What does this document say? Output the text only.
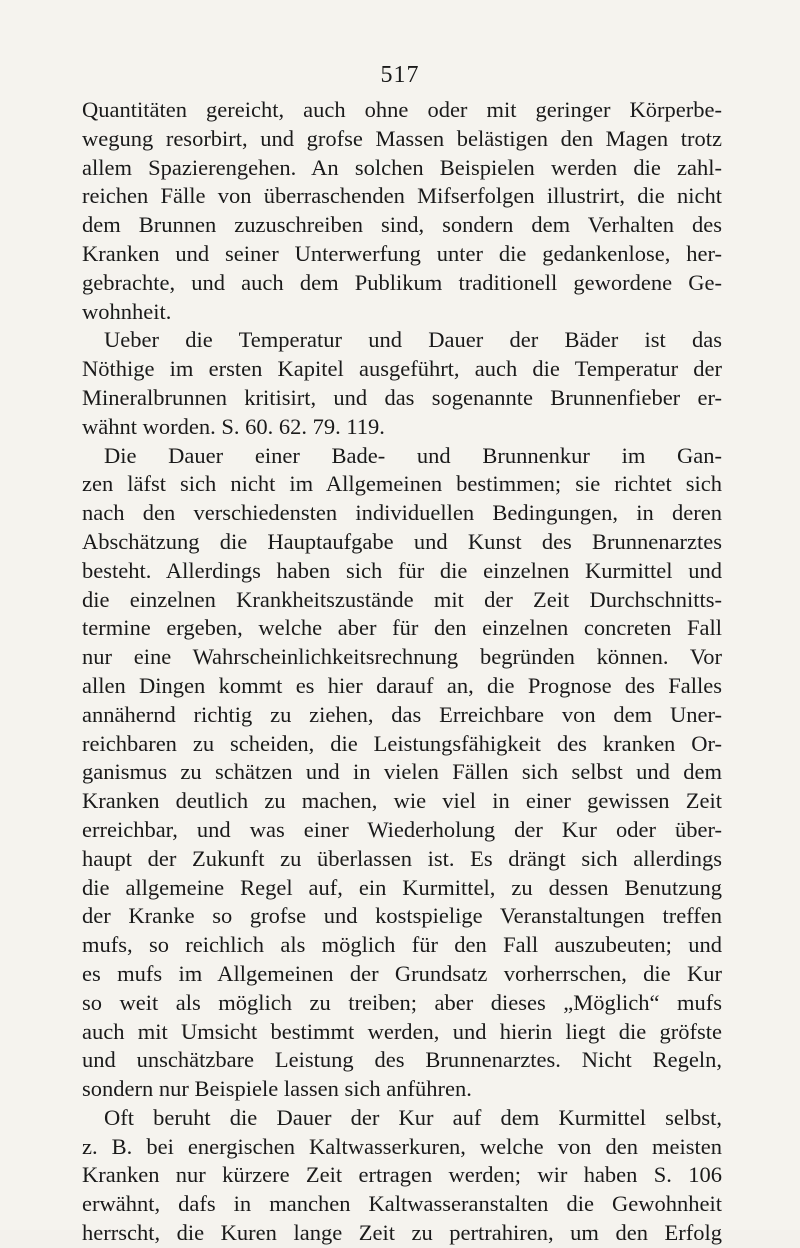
517
Quantitäten gereicht, auch ohne oder mit geringer Körperbe-
wegung resorbirt, und grofse Massen belästigen den Magen trotz
allem Spazierengehen. An solchen Beispielen werden die zahl-
reichen Fälle von überraschenden Mifserfolgen illustrirt, die nicht
dem Brunnen zuzuschreiben sind, sondern dem Verhalten des
Kranken und seiner Unterwerfung unter die gedankenlose, her-
gebrachte, und auch dem Publikum traditionell gewordene Ge-
wohnheit.
Ueber die Temperatur und Dauer der Bäder ist das
Nöthige im ersten Kapitel ausgeführt, auch die Temperatur der
Mineralbrunnen kritisirt, und das sogenannte Brunnenfieber er-
wähnt worden. S. 60. 62. 79. 119.
Die Dauer einer Bade- und Brunnenkur im Gan-
zen läfst sich nicht im Allgemeinen bestimmen; sie richtet sich
nach den verschiedensten individuellen Bedingungen, in deren
Abschätzung die Hauptaufgabe und Kunst des Brunnenarztes
besteht. Allerdings haben sich für die einzelnen Kurmittel und
die einzelnen Krankheitszustände mit der Zeit Durchschnitts-
termine ergeben, welche aber für den einzelnen concreten Fall
nur eine Wahrscheinlichkeitsrechnung begründen können. Vor
allen Dingen kommt es hier darauf an, die Prognose des Falles
annähernd richtig zu ziehen, das Erreichbare von dem Uner-
reichbaren zu scheiden, die Leistungsfähigkeit des kranken Or-
ganismus zu schätzen und in vielen Fällen sich selbst und dem
Kranken deutlich zu machen, wie viel in einer gewissen Zeit
erreichbar, und was einer Wiederholung der Kur oder über-
haupt der Zukunft zu überlassen ist. Es drängt sich allerdings
die allgemeine Regel auf, ein Kurmittel, zu dessen Benutzung
der Kranke so grofse und kostspielige Veranstaltungen treffen
mufs, so reichlich als möglich für den Fall auszubeuten; und
es mufs im Allgemeinen der Grundsatz vorherrschen, die Kur
so weit als möglich zu treiben; aber dieses „Möglich“ mufs
auch mit Umsicht bestimmt werden, und hierin liegt die gröfste
und unschätzbare Leistung des Brunnenarztes. Nicht Regeln,
sondern nur Beispiele lassen sich anführen.
Oft beruht die Dauer der Kur auf dem Kurmittel selbst,
z. B. bei energischen Kaltwasserkuren, welche von den meisten
Kranken nur kürzere Zeit ertragen werden; wir haben S. 106
erwähnt, dafs in manchen Kaltwasseranstalten die Gewohnheit
herrscht, die Kuren lange Zeit zu pertrahiren, um den Erfolg
